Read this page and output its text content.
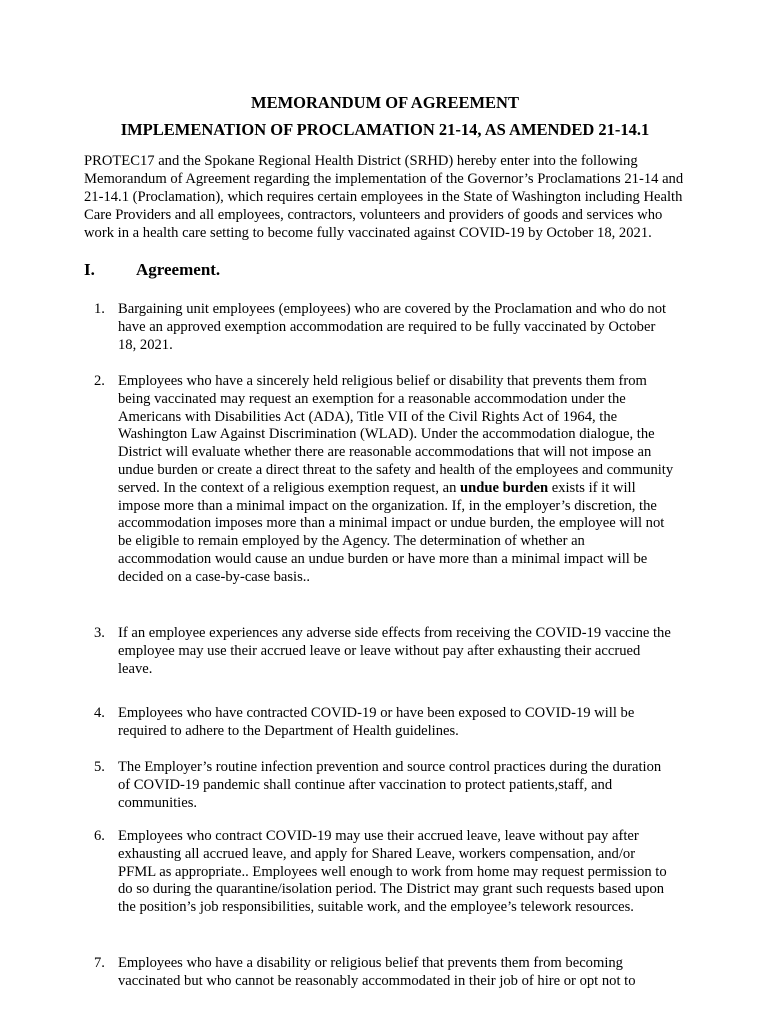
MEMORANDUM OF AGREEMENT
IMPLEMENATION OF PROCLAMATION 21-14, AS AMENDED 21-14.1

PROTEC17 and the Spokane Regional Health District (SRHD) hereby enter into the following Memorandum of Agreement regarding the implementation of the Governor’s Proclamations 21-14 and 21-14.1 (Proclamation), which requires certain employees in the State of Washington including Health Care Providers and all employees, contractors, volunteers and providers of goods and services who work in a health care setting to become fully vaccinated against COVID-19 by October 18, 2021.

I. Agreement.
1. Bargaining unit employees (employees) who are covered by the Proclamation and who do not have an approved exemption accommodation are required to be fully vaccinated by October 18, 2021.
2. Employees who have a sincerely held religious belief or disability that prevents them from being vaccinated may request an exemption for a reasonable accommodation under the Americans with Disabilities Act (ADA), Title VII of the Civil Rights Act of 1964, the Washington Law Against Discrimination (WLAD). Under the accommodation dialogue, the District will evaluate whether there are reasonable accommodations that will not impose an undue burden or create a direct threat to the safety and health of the employees and community served. In the context of a religious exemption request, an undue burden exists if it will impose more than a minimal impact on the organization. If, in the employer’s discretion, the accommodation imposes more than a minimal impact or undue burden, the employee will not be eligible to remain employed by the Agency. The determination of whether an accommodation would cause an undue burden or have more than a minimal impact will be decided on a case-by-case basis..
3. If an employee experiences any adverse side effects from receiving the COVID-19 vaccine the employee may use their accrued leave or leave without pay after exhausting their accrued leave.
4. Employees who have contracted COVID-19 or have been exposed to COVID-19 will be required to adhere to the Department of Health guidelines.
5. The Employer’s routine infection prevention and source control practices during the duration of COVID-19 pandemic shall continue after vaccination to protect patients,staff, and communities.
6. Employees who contract COVID-19 may use their accrued leave, leave without pay after exhausting all accrued leave, and apply for Shared Leave, workers compensation, and/or PFML as appropriate.. Employees well enough to work from home may request permission to do so during the quarantine/isolation period. The District may grant such requests based upon the position’s job responsibilities, suitable work, and the employee’s telework resources.
7. Employees who have a disability or religious belief that prevents them from becoming vaccinated but who cannot be reasonably accommodated in their job of hire or opt not to
